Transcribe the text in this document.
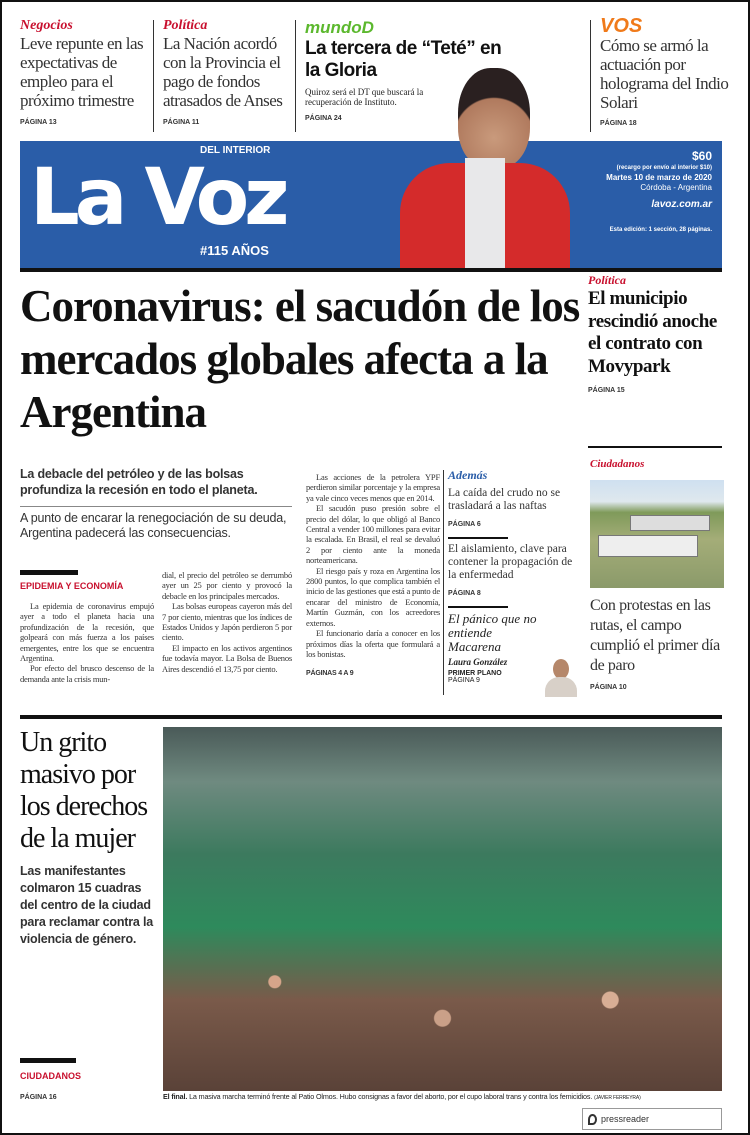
Negocios
Leve repunte en las expectativas de empleo para el próximo trimestre
PÁGINA 13
Política
La Nación acordó con la Provincia el pago de fondos atrasados de Anses
PÁGINA 11
mundoD
La tercera de “Teté” en la Gloria
Quiroz será el DT que buscará la recuperación de Instituto.
PÁGINA 24
VOS
Cómo se armó la actuación por holograma del Indio Solari
PÁGINA 18
DEL INTERIOR
La Voz
#115 AÑOS
$60
(recargo por envío al interior $10)
Martes 10 de marzo de 2020
Córdoba - Argentina
lavoz.com.ar
Esta edición: 1 sección, 28 páginas.
Coronavirus: el sacudón de los mercados globales afecta a la Argentina
La debacle del petróleo y de las bolsas profundiza la recesión en todo el planeta.
A punto de encarar la renegociación de su deuda, Argentina padecerá las consecuencias.
EPIDEMIA Y ECONOMÍA

La epidemia de coronavirus empujó ayer a todo el planeta hacia una profundización de la recesión, que golpeará con más fuerza a los países emergentes, entre los que se encuentra Argentina.

Por efecto del brusco descenso de la demanda ante la crisis mun-

dial, el precio del petróleo se derrumbó ayer un 25 por ciento y provocó la debacle en los principales mercados.

Las bolsas europeas cayeron más del 7 por ciento, mientras que los índices de Estados Unidos y Japón perdieron 5 por ciento.

El impacto en los activos argentinos fue todavía mayor. La Bolsa de Buenos Aires descendió el 13,75 por ciento.

Las acciones de la petrolera YPF perdieron similar porcentaje y la empresa ya vale cinco veces menos que en 2014.

El sacudón puso presión sobre el precio del dólar, lo que obligó al Banco Central a vender 100 millones para evitar la escalada. En Brasil, el real se devaluó 2 por ciento ante la moneda norteamericana.

El riesgo país y roza en Argentina los 2800 puntos, lo que complica también el inicio de las gestiones que está a punto de encarar del ministro de Economía, Martín Guzmán, con los acreedores externos.

El funcionario daría a conocer en los próximos días la oferta que formulará a los bonistas.

PÁGINAS 4 A 9
Además
La caída del crudo no se trasladará a las naftas
PÁGINA 6
El aislamiento, clave para contener la propagación de la enfermedad
PÁGINA 8
El pánico que no entiende Macarena
Laura González
PRIMER PLANO
PÁGINA 9
Política
El municipio rescindió anoche el contrato con Movypark
PÁGINA 15
Ciudadanos
Con protestas en las rutas, el campo cumplió el primer día de paro
PÁGINA 10
Un grito masivo por los derechos de la mujer
Las manifestantes colmaron 15 cuadras del centro de la ciudad para reclamar contra la violencia de género.
CIUDADANOS
PÁGINA 16	El final. La masiva marcha terminó frente al Patio Olmos. Hubo consignas a favor del aborto, por el cupo laboral trans y contra los femicidios. (JAVIER FERREYRA)
pressreader
